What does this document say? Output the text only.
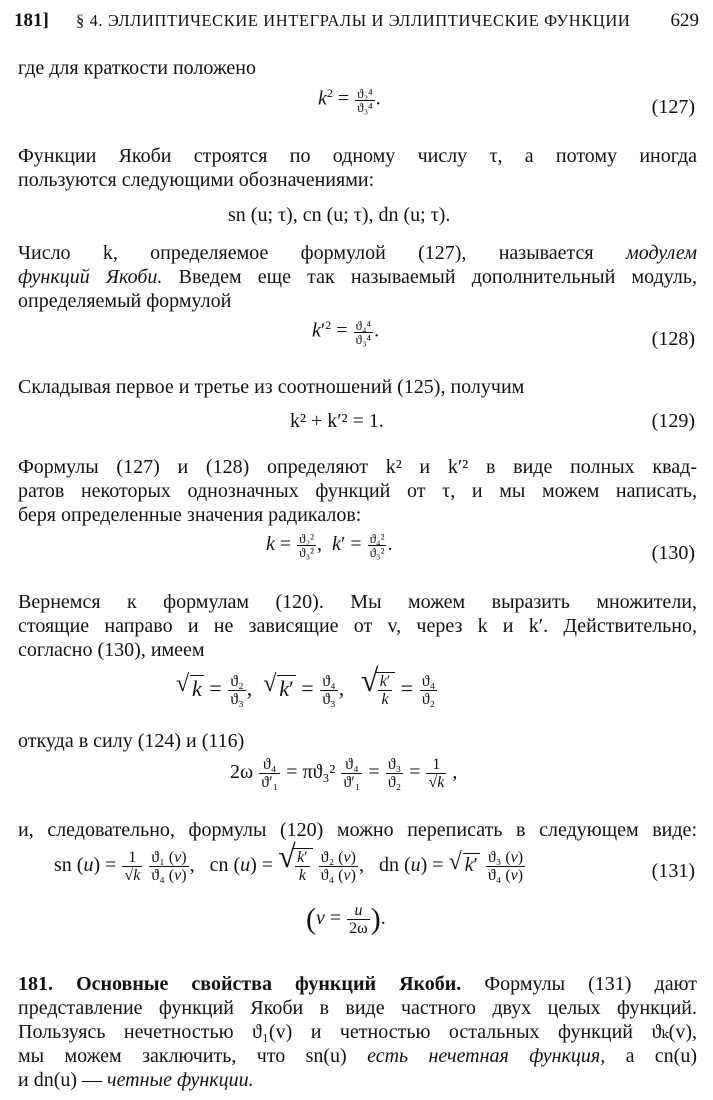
181] § 4. ЭЛЛИПТИЧЕСКИЕ ИНТЕГРАЛЫ И ЭЛЛИПТИЧЕСКИЕ ФУНКЦИИ 629
где для краткости положено
$k^2 = \frac{\text{ϑ₂⁴}}{\text{ϑ₃⁴}}$ .	(127)
Функции Якоби строятся по одному числу τ, а потому иногда
пользуются следующими обозначениями:
sn (u; τ), cn (u; τ), dn (u; τ).
Число k, определяемое формулой (127), называется модулем
функций Якоби. Введем еще так называемый дополнительный модуль,
определяемый формулой
$k'^2 = \frac{\text{ϑ₄⁴}}{\text{ϑ₃⁴}}$ .	(128)
Складывая первое и третье из соотношений (125), получим
k² + k′² = 1.	(129)
Формулы (127) и (128) определяют k² и k′² в виде полных квад-
ратов некоторых однозначных функций от τ, и мы можем написать,
беря определенные значения радикалов:
$k = \frac{\text{ϑ₂²}}{\text{ϑ₃²}}$ ,  $k' = \frac{\text{ϑ₄²}}{\text{ϑ₃²}}$ .	(130)
Вернемся к формулам (120). Мы можем выразить множители,
стоящие направо и не зависящие от v, через k и k′. Действительно,
согласно (130), имеем
√ $k = \frac{\text{ϑ₂}}{\text{ϑ₃}}$ , √ $k' = \frac{\text{ϑ₄}}{\text{ϑ₃}}$ , √ $\frac{k'}{k} = \frac{\text{ϑ₄}}{\text{ϑ₂}}$
откуда в силу (124) и (116)
$2\omega \frac{\text{ϑ₄}}{\text{ϑ′₁}} = \pi ϑ_3^2 \frac{\text{ϑ₄}}{\text{ϑ′₁}} = \frac{\text{ϑ₃}}{\text{ϑ₂}} = \frac{1}{√k}$ ,
и, следовательно, формулы (120) можно переписать в следующем виде:
sn $(u) = \frac{1}{√k}$
$\frac{\text{ϑ₁ (v)}}{\text{ϑ₄ (v)}}$ ,   cn (u) = √ $\frac{k'}{k}$
$\frac{\text{ϑ₂ (v)}}{\text{ϑ₄ (v)}}$ ,   dn (u) = √ $k' \frac{\text{ϑ₃ (v)}}{\text{ϑ₄ (v)}}$	(131)
($v = \frac{u}{2\omega}$ ).
181. Основные свойства функций Якоби. Формулы (131) дают
представление функций Якоби в виде частного двух целых функций.
Пользуясь нечетностью ϑ₁(v) и четностью остальных функций ϑₖ(v),
мы можем заключить, что sn(u) есть нечетная функция, а cn(u)
и dn(u) — четные функции.
